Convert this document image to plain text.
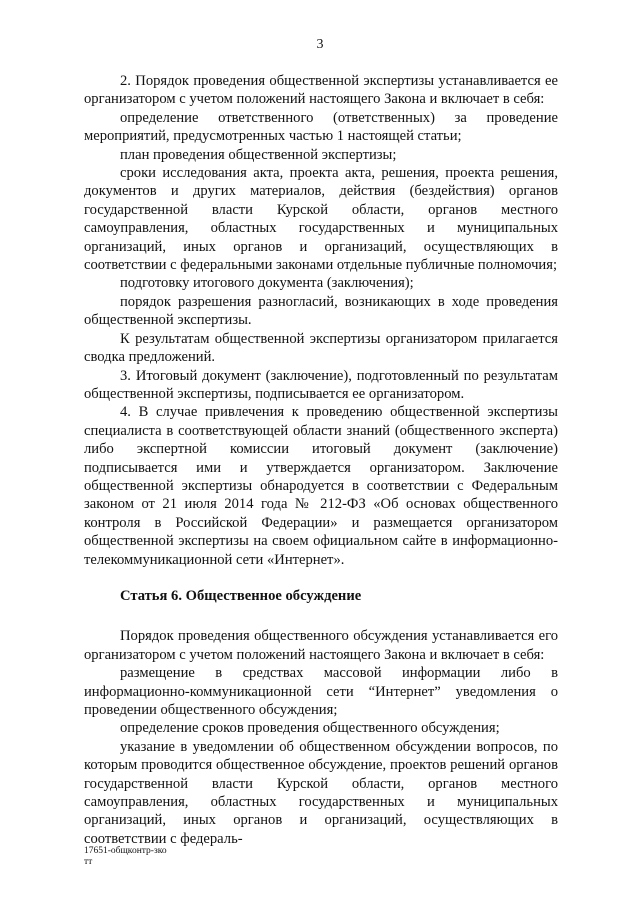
3

2. Порядок проведения общественной экспертизы устанавливается ее организатором с учетом положений настоящего Закона и включает в себя:

определение ответственного (ответственных) за проведение мероприятий, предусмотренных частью 1 настоящей статьи;

план проведения общественной экспертизы;

сроки исследования акта, проекта акта, решения, проекта решения, документов и других материалов, действия (бездействия) органов государственной власти Курской области, органов местного самоуправления, областных государственных и муниципальных организаций, иных органов и организаций, осуществляющих в соответствии с федеральными законами отдельные публичные полномочия;

подготовку итогового документа (заключения);

порядок разрешения разногласий, возникающих в ходе проведения общественной экспертизы.

К результатам общественной экспертизы организатором прилагается сводка предложений.

3. Итоговый документ (заключение), подготовленный по результатам общественной экспертизы, подписывается ее организатором.

4. В случае привлечения к проведению общественной экспертизы специалиста в соответствующей области знаний (общественного эксперта) либо экспертной комиссии итоговый документ (заключение) подписывается ими и утверждается организатором. Заключение общественной экспертизы обнародуется в соответствии с Федеральным законом от 21 июля 2014 года № 212-ФЗ «Об основах общественного контроля в Российской Федерации» и размещается организатором общественной экспертизы на своем официальном сайте в информационно-телекоммуникационной сети «Интернет».

Статья 6. Общественное обсуждение

Порядок проведения общественного обсуждения устанавливается его организатором с учетом положений настоящего Закона и включает в себя:

размещение в средствах массовой информации либо в информационно-коммуникационной сети “Интернет” уведомления о проведении общественного обсуждения;

определение сроков проведения общественного обсуждения;

указание в уведомлении об общественном обсуждении вопросов, по которым проводится общественное обсуждение, проектов решений органов государственной власти Курской области, органов местного самоуправления, областных государственных и муниципальных организаций, иных органов и организаций, осуществляющих в соответствии с федераль-

17651-общконтр-зко
тт
